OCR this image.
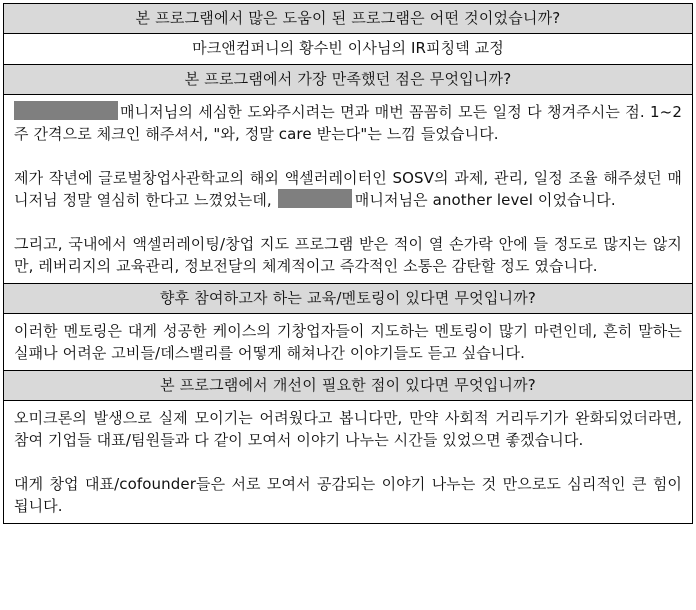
본 프로그램에서 많은 도움이 된 프로그램은 어떤 것이었습니까?
마크앤컴퍼니의 황수빈 이사님의 IR피칭덱 교정
본 프로그램에서 가장 만족했던 점은 무엇입니까?

매니저님의 세심한 도와주시려는 면과 매번 꼼꼼히 모든 일정 다 챙겨주시는 점. 1~2주 간격으로 체크인 해주셔서, "와, 정말 care 받는다"는 느낌 들었습니다.

제가 작년에 글로벌창업사관학교의 해외 액셀러레이터인 SOSV의 과제, 관리, 일정 조율 해주셨던 매니저님 정말 열심히 한다고 느꼈었는데,	매니저님은 another level 이었습니다.

그리고, 국내에서 액셀러레이팅/창업 지도 프로그램 받은 적이 열 손가락 안에 들 정도로 많지는 않지만, 레버리지의 교육관리, 정보전달의 체계적이고 즉각적인 소통은 감탄할 정도 였습니다.

향후 참여하고자 하는 교육/멘토링이 있다면 무엇입니까?

이러한 멘토링은 대게 성공한 케이스의 기창업자들이 지도하는 멘토링이 많기 마련인데, 흔히 말하는 실패나 어려운 고비들/데스밸리를 어떻게 해쳐나간 이야기들도 듣고 싶습니다.

본 프로그램에서 개선이 필요한 점이 있다면 무엇입니까?

오미크론의 발생으로 실제 모이기는 어려웠다고 봅니다만, 만약 사회적 거리두기가 완화되었더라면, 참여 기업들 대표/팀원들과 다 같이 모여서 이야기 나누는 시간들 있었으면 좋겠습니다.

대게 창업 대표/cofounder들은 서로 모여서 공감되는 이야기 나누는 것 만으로도 심리적인 큰 힘이 됩니다.
